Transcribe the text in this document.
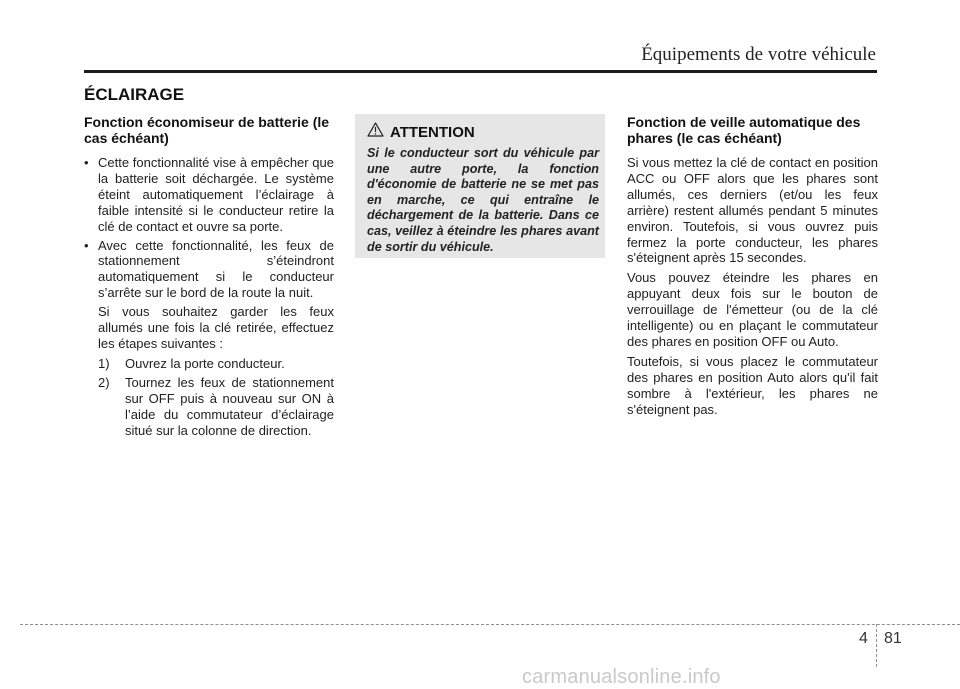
Équipements de votre véhicule
ÉCLAIRAGE
Fonction économiseur de batterie (le cas échéant)
• Cette fonctionnalité vise à empêcher que la batterie soit déchargée. Le système éteint automatiquement l’éclairage à faible intensité si le conducteur retire la clé de contact et ouvre sa porte.
• Avec cette fonctionnalité, les feux de stationnement s’éteindront automatiquement si le conducteur s’arrête sur le bord de la route la nuit.
Si vous souhaitez garder les feux allumés une fois la clé retirée, effectuez les étapes suivantes :
1) Ouvrez la porte conducteur.
2) Tournez les feux de stationnement sur OFF puis à nouveau sur ON à l’aide du commutateur d’éclairage situé sur la colonne de direction.
ATTENTION
Si le conducteur sort du véhicule par une autre porte, la fonction d'économie de batterie ne se met pas en marche, ce qui entraîne le déchargement de la batterie. Dans ce cas, veillez à éteindre les phares avant de sortir du véhicule.
Fonction de veille automatique des phares (le cas échéant)
Si vous mettez la clé de contact en position ACC ou OFF alors que les phares sont allumés, ces derniers (et/ou les feux arrière) restent allumés pendant 5 minutes environ. Toutefois, si vous ouvrez puis fermez la porte conducteur, les phares s'éteignent après 15 secondes.
Vous pouvez éteindre les phares en appuyant deux fois sur le bouton de verrouillage de l'émetteur (ou de la clé intelligente) ou en plaçant le commutateur des phares en position OFF ou Auto.
Toutefois, si vous placez le commutateur des phares en position Auto alors qu'il fait sombre à l'extérieur, les phares ne s'éteignent pas.
4 81
carmanualsonline.info
